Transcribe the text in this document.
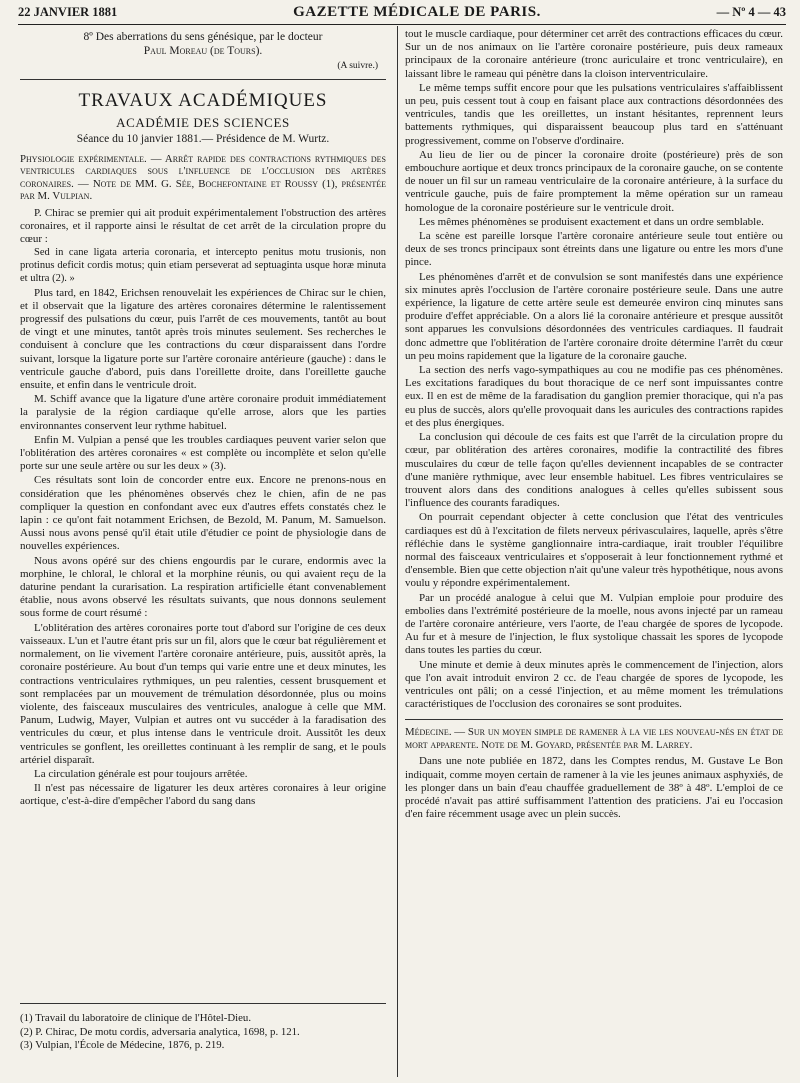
22 JANVIER 1881	GAZETTE MÉDICALE DE PARIS.	— Nº 4 — 43
8º Des aberrations du sens génésique, par le docteur
Paul Moreau (de Tours).
(A suivre.)
TRAVAUX ACADÉMIQUES
ACADÉMIE DES SCIENCES
Séance du 10 janvier 1881.— Présidence de M. Wurtz.
Physiologie expérimentale. — Arrêt rapide des contractions rythmiques des ventricules cardiaques sous l'influence de l'occlusion des artères coronaires. — Note de MM. G. Sée, Bochefontaine et Roussy (1), présentée par M. Vulpian.

P. Chirac se premier qui ait produit expérimentalement l'obstruction des artères coronaires, et il rapporte ainsi le résultat de cet arrêt de la circulation propre du cœur :

Sed in cane ligata arteria coronaria, et intercepto penitus motu trusionis, non protinus deficit cordis motus; quin etiam perseverat ad septuaginta usque horæ minuta et ultra (2). »

Plus tard, en 1842, Erichsen renouvelait les expériences de Chirac sur le chien, et il observait que la ligature des artères coronaires détermine le ralentissement progressif des pulsations du cœur, puis l'arrêt de ces mouvements, tantôt au bout de vingt et une minutes, tantôt après trois minutes seulement. Ses recherches le conduisent à conclure que les contractions du cœur disparaissent dans l'ordre suivant, lorsque la ligature porte sur l'artère coronaire antérieure (gauche) : dans le ventricule gauche d'abord, puis dans l'oreillette droite, dans l'oreillette gauche ensuite, et enfin dans le ventricule droit.

M. Schiff avance que la ligature d'une artère coronaire produit immédiatement la paralysie de la région cardiaque qu'elle arrose, alors que les parties environnantes conservent leur rythme habituel.

Enfin M. Vulpian a pensé que les troubles cardiaques peuvent varier selon que l'oblitération des artères coronaires « est complète ou incomplète et selon qu'elle porte sur une seule artère ou sur les deux » (3).

Ces résultats sont loin de concorder entre eux. Encore ne prenons-nous en considération que les phénomènes observés chez le chien, afin de ne pas compliquer la question en confondant avec eux d'autres effets constatés chez le lapin : ce qu'ont fait notamment Erichsen, de Bezold, M. Panum, M. Samuelson. Aussi nous avons pensé qu'il était utile d'étudier ce point de physiologie dans de nouvelles expériences.

Nous avons opéré sur des chiens engourdis par le curare, endormis avec la morphine, le chloral, le chloral et la morphine réunis, ou qui avaient reçu de la daturine pendant la curarisation. La respiration artificielle étant convenablement établie, nous avons observé les résultats suivants, que nous donnons seulement sous forme de court résumé :

L'oblitération des artères coronaires porte tout d'abord sur l'origine de ces deux vaisseaux. L'un et l'autre étant pris sur un fil, alors que le cœur bat régulièrement et normalement, on lie vivement l'artère coronaire antérieure, puis, aussitôt après, la coronaire postérieure. Au bout d'un temps qui varie entre une et deux minutes, les contractions ventriculaires rythmiques, un peu ralenties, cessent brusquement et sont remplacées par un mouvement de trémulation désordonnée, plus ou moins violente, des faisceaux musculaires des ventricules, analogue à celle que MM. Panum, Ludwig, Mayer, Vulpian et autres ont vu succéder à la faradisation des ventricules du cœur, et plus intense dans le ventricule droit. Aussitôt les deux ventricules se gonflent, les oreillettes continuant à les remplir de sang, et le pouls artériel disparaît.

La circulation générale est pour toujours arrêtée.

Il n'est pas nécessaire de ligaturer les deux artères coronaires à leur origine aortique, c'est-à-dire d'empêcher l'abord du sang dans

(1) Travail du laboratoire de clinique de l'Hôtel-Dieu.
(2) P. Chirac, De motu cordis, adversaria analytica, 1698, p. 121.
(3) Vulpian, l'École de Médecine, 1876, p. 219.

tout le muscle cardiaque, pour déterminer cet arrêt des contractions efficaces du cœur. Sur un de nos animaux on lie l'artère coronaire postérieure, puis deux rameaux principaux de la coronaire antérieure (tronc auriculaire et tronc ventriculaire), en laissant libre le rameau qui pénètre dans la cloison interventriculaire.

Le même temps suffit encore pour que les pulsations ventriculaires s'affaiblissent un peu, puis cessent tout à coup en faisant place aux contractions désordonnées des ventricules, tandis que les oreillettes, un instant hésitantes, reprennent leurs battements rythmiques, qui disparaissent beaucoup plus tard en s'atténuant progressivement, comme on l'observe d'ordinaire.

Au lieu de lier ou de pincer la coronaire droite (postérieure) près de son embouchure aortique et deux troncs principaux de la coronaire gauche, on se contente de nouer un fil sur un rameau ventriculaire de la coronaire antérieure, à la surface du ventricule gauche, puis de faire promptement la même opération sur un rameau homologue de la coronaire postérieure sur le ventricule droit.

Les mêmes phénomènes se produisent exactement et dans un ordre semblable.

La scène est pareille lorsque l'artère coronaire antérieure seule tout entière ou deux de ses troncs principaux sont étreints dans une ligature ou entre les mors d'une pince.

Les phénomènes d'arrêt et de convulsion se sont manifestés dans une expérience six minutes après l'occlusion de l'artère coronaire postérieure seule. Dans une autre expérience, la ligature de cette artère seule est demeurée environ cinq minutes sans produire d'effet appréciable. On a alors lié la coronaire antérieure et presque aussitôt sont apparues les convulsions désordonnées des ventricules cardiaques. Il faudrait donc admettre que l'oblitération de l'artère coronaire droite détermine l'arrêt du cœur un peu moins rapidement que la ligature de la coronaire gauche.

La section des nerfs vago-sympathiques au cou ne modifie pas ces phénomènes. Les excitations faradiques du bout thoracique de ce nerf sont impuissantes contre eux. Il en est de même de la faradisation du ganglion premier thoracique, qui n'a pas eu plus de succès, alors qu'elle provoquait dans les auricules des contractions rapides et des plus énergiques.

La conclusion qui découle de ces faits est que l'arrêt de la circulation propre du cœur, par oblitération des artères coronaires, modifie la contractilité des fibres musculaires du cœur de telle façon qu'elles deviennent incapables de se contracter d'une manière rythmique, avec leur ensemble habituel. Les fibres ventriculaires se trouvent alors dans des conditions analogues à celles qu'elles subissent sous l'influence des courants faradiques.

On pourrait cependant objecter à cette conclusion que l'état des ventricules cardiaques est dû à l'excitation de filets nerveux périvasculaires, laquelle, après s'être réfléchie dans le système ganglionnaire intra-cardiaque, irait troubler l'équilibre normal des faisceaux ventriculaires et s'opposerait à leur fonctionnement rythmé et d'ensemble. Bien que cette objection n'ait qu'une valeur très hypothétique, nous avons voulu y répondre expérimentalement.

Par un procédé analogue à celui que M. Vulpian emploie pour produire des embolies dans l'extrémité postérieure de la moelle, nous avons injecté par un rameau de l'artère coronaire antérieure, vers l'aorte, de l'eau chargée de spores de lycopode. Au fur et à mesure de l'injection, le flux systolique chassait les spores de lycopode dans toutes les parties du cœur.

Une minute et demie à deux minutes après le commencement de l'injection, alors que l'on avait introduit environ 2 cc. de l'eau chargée de spores de lycopode, les ventricules ont pâli; on a cessé l'injection, et au même moment les trémulations caractéristiques de l'occlusion des coronaires se sont produites.

Médecine. — Sur un moyen simple de ramener à la vie les nouveau-nés en état de mort apparente. Note de M. Goyard, présentée par M. Larrey.

Dans une note publiée en 1872, dans les Comptes rendus, M. Gustave Le Bon indiquait, comme moyen certain de ramener à la vie les jeunes animaux asphyxiés, de les plonger dans un bain d'eau chauffée graduellement de 38º à 48º. L'emploi de ce procédé n'avait pas attiré suffisamment l'attention des praticiens. J'ai eu l'occasion d'en faire récemment usage avec un plein succès.
